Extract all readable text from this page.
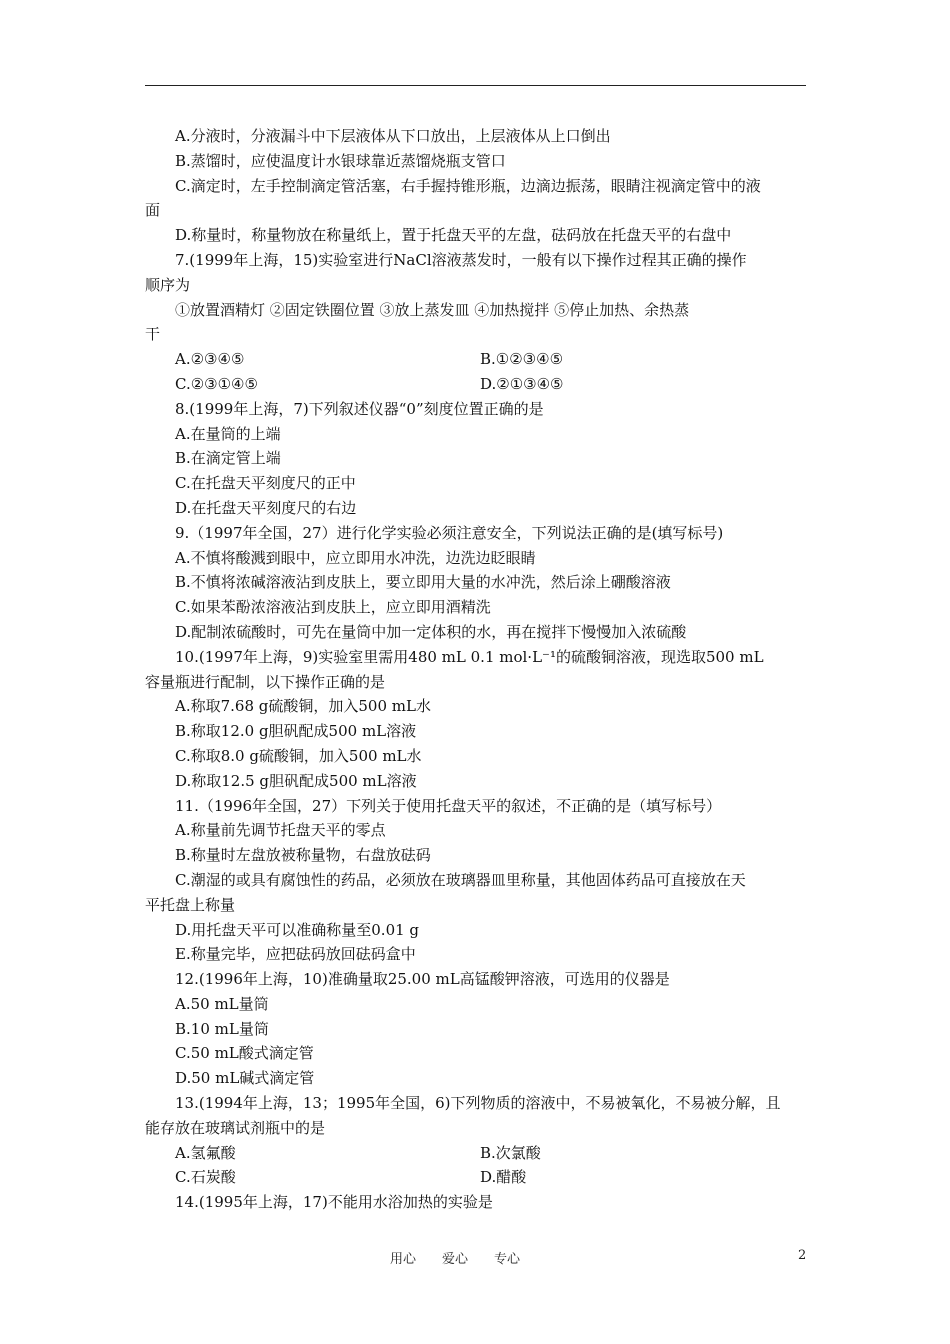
A.分液时，分液漏斗中下层液体从下口放出，上层液体从上口倒出
B.蒸馏时，应使温度计水银球靠近蒸馏烧瓶支管口
C.滴定时，左手控制滴定管活塞，右手握持锥形瓶，边滴边振荡，眼睛注视滴定管中的液
面
D.称量时，称量物放在称量纸上，置于托盘天平的左盘，砝码放在托盘天平的右盘中
7.(1999年上海，15)实验室进行NaCl溶液蒸发时，一般有以下操作过程其正确的操作
顺序为
①放置酒精灯 ②固定铁圈位置 ③放上蒸发皿 ④加热搅拌 ⑤停止加热、余热蒸
干
A.②③④⑤	B.①②③④⑤
C.②③①④⑤	D.②①③④⑤
8.(1999年上海，7)下列叙述仪器“0”刻度位置正确的是
A.在量筒的上端
B.在滴定管上端
C.在托盘天平刻度尺的正中
D.在托盘天平刻度尺的右边
9.（1997年全国，27）进行化学实验必须注意安全，下列说法正确的是(填写标号)
A.不慎将酸溅到眼中，应立即用水冲洗，边洗边眨眼睛
B.不慎将浓碱溶液沾到皮肤上，要立即用大量的水冲洗，然后涂上硼酸溶液
C.如果苯酚浓溶液沾到皮肤上，应立即用酒精洗
D.配制浓硫酸时，可先在量筒中加一定体积的水，再在搅拌下慢慢加入浓硫酸
10.(1997年上海，9)实验室里需用480 mL 0.1 mol·L⁻¹的硫酸铜溶液，现选取500 mL
容量瓶进行配制，以下操作正确的是
A.称取7.68 g硫酸铜，加入500 mL水
B.称取12.0 g胆矾配成500 mL溶液
C.称取8.0 g硫酸铜，加入500 mL水
D.称取12.5 g胆矾配成500 mL溶液
11.（1996年全国，27）下列关于使用托盘天平的叙述，不正确的是（填写标号）
A.称量前先调节托盘天平的零点
B.称量时左盘放被称量物，右盘放砝码
C.潮湿的或具有腐蚀性的药品，必须放在玻璃器皿里称量，其他固体药品可直接放在天
平托盘上称量
D.用托盘天平可以准确称量至0.01 g
E.称量完毕，应把砝码放回砝码盒中
12.(1996年上海，10)准确量取25.00 mL高锰酸钾溶液，可选用的仪器是
A.50 mL量筒
B.10 mL量筒
C.50 mL酸式滴定管
D.50 mL碱式滴定管
13.(1994年上海，13；1995年全国，6)下列物质的溶液中，不易被氧化，不易被分解，且
能存放在玻璃试剂瓶中的是
A.氢氟酸	B.次氯酸
C.石炭酸	D.醋酸
14.(1995年上海，17)不能用水浴加热的实验是
用心 爱心 专心	2
